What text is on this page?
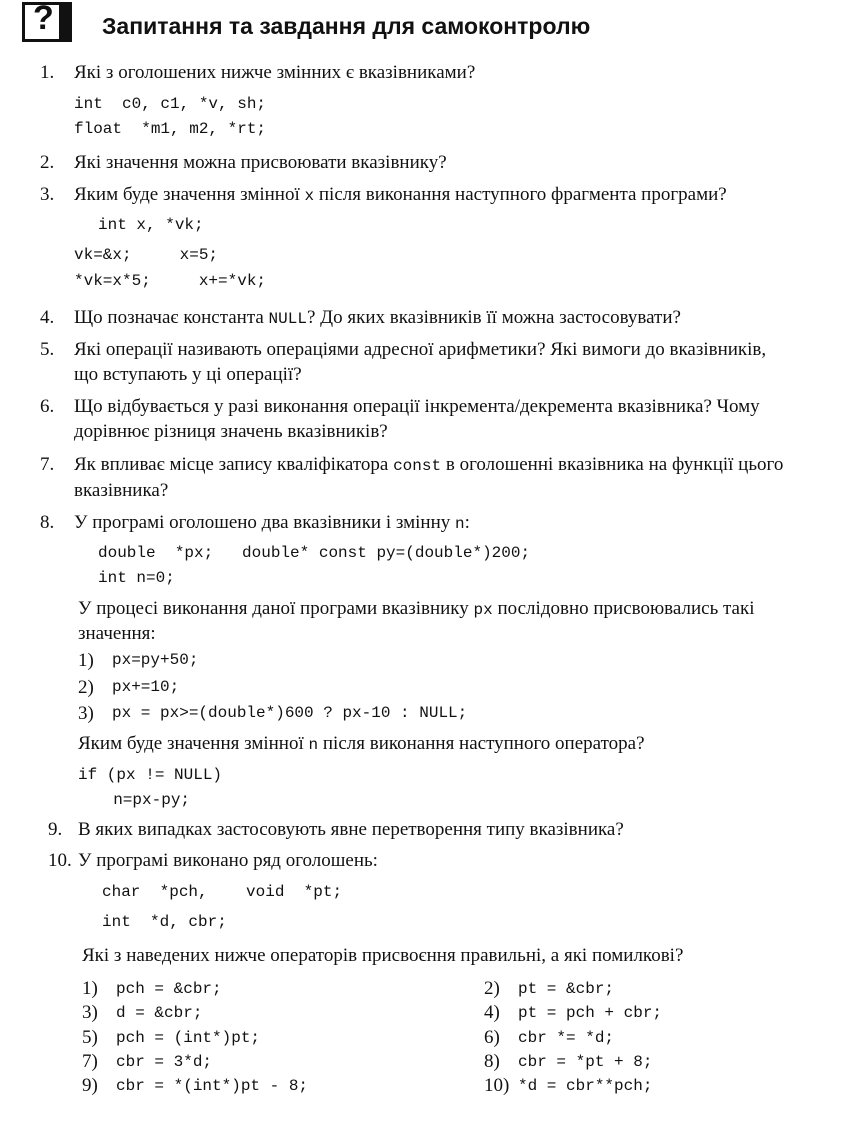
? Запитання та завдання для самоконтролю
1. Які з оголошених нижче змінних є вказівниками?
int  c0, c1, *v, sh;
float  *m1, m2, *rt;
2. Які значення можна присвоювати вказівнику?
3. Яким буде значення змінної x після виконання наступного фрагмента програми?
int x, *vk;
vk=&x;     x=5;
*vk=x*5;     x+=*vk;
4. Що позначає константа NULL? До яких вказівників її можна застосовувати?
5. Які операції називають операціями адресної арифметики? Які вимоги до вказівників,
що вступають у ці операції?
6. Що відбувається у разі виконання операції інкремента/декремента вказівника? Чому
дорівнює різниця значень вказівників?
7. Як впливає місце запису кваліфікатора const в оголошенні вказівника на функції цього
вказівника?
8. У програмі оголошено два вказівники і змінну n:
double  *px;   double* const py=(double*)200;
int n=0;
У процесі виконання даної програми вказівнику px послідовно присвоювались такі
значення:
1) px=py+50;
2) px+=10;
3) px = px>=(double*)600 ? px-10 : NULL;
Яким буде значення змінної n після виконання наступного оператора?
if (px != NULL)
n=px-py;
9. В яких випадках застосовують явне перетворення типу вказівника?
10. У програмі виконано ряд оголошень:
char  *pch,    void  *pt;
int  *d, cbr;
Які з наведених нижче операторів присвоєння правильні, а які помилкові?
1) pch = &cbr;	2) pt = &cbr;
3) d = &cbr;	4) pt = pch + cbr;
5) pch = (int*)pt;	6) cbr *= *d;
7) cbr = 3*d;	8) cbr = *pt + 8;
9) cbr = *(int*)pt - 8;	10) *d = cbr**pch;
